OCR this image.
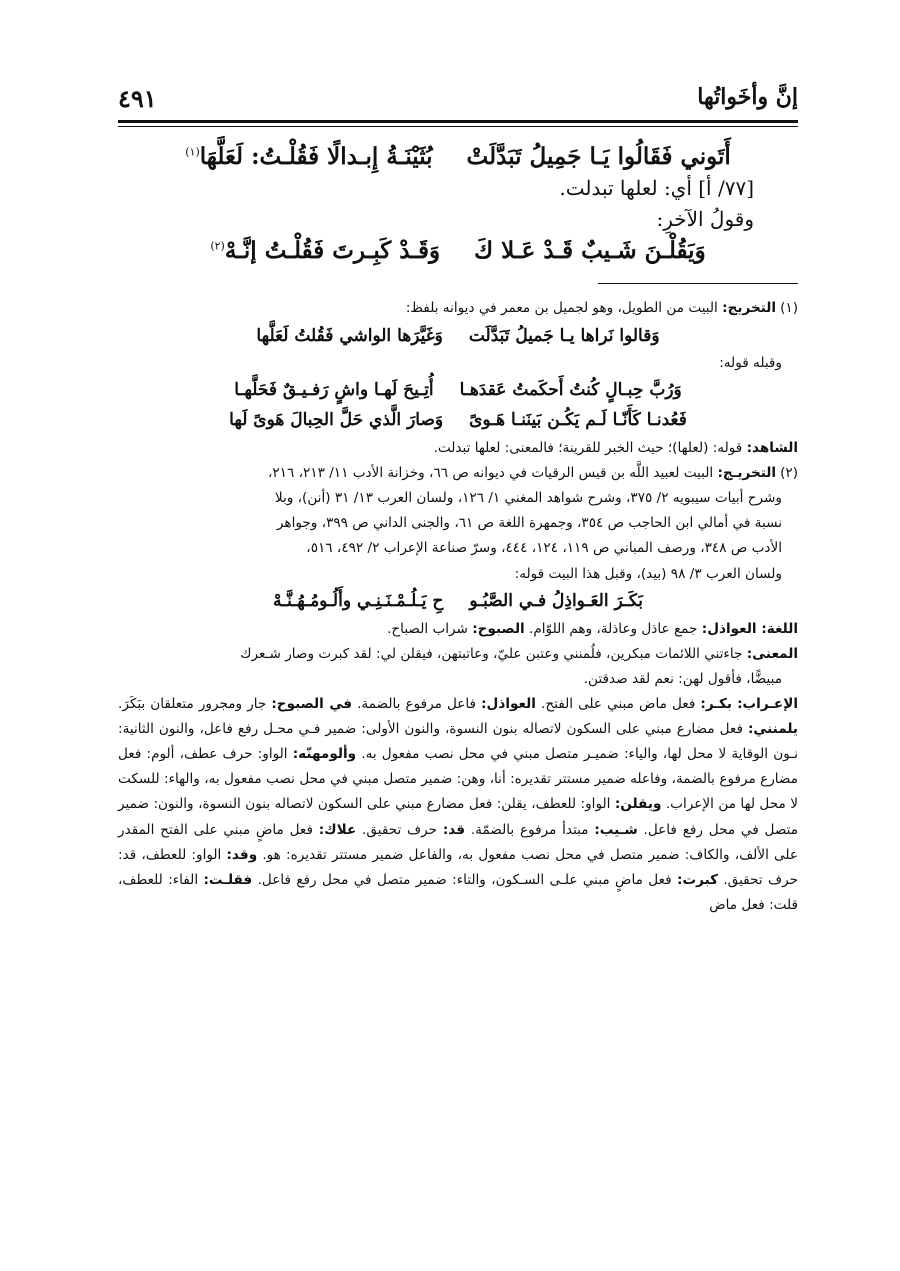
إنَّ وأخَواتُها
٤٩١
أَتَوني فَقَالُوا يَـا جَمِيلُ تَبَدَّلَتْ
بُثَيْنَـةُ إِبـدالًا فَقُلْـتُ: لَعَلَّهَا$^{(١)}$
[٧٧/ أ] أي: لعلها تبدلت.
وقولُ الآخرِ:
وَيَقُلْـنَ شَـيبٌ قَـدْ عَـلا كَ
وَقَـدْ كَبِـرتَ فَقُلْـتُ إنَّـهْ$^{(٢)}$

(١)التخريج: البيت من الطويل، وهو لجميل بن معمر في ديوانه بلفظ:

وَقالوا نَراها يـا جَميلُ تَبَدَّلَت
وَغَيَّرَها الواشي فَقُلتُ لَعَلَّها

وقبله قوله:

وَرُبَّ حِبـالٍ كُنتُ أَحكَمتُ عَقدَهـا
أُتِـيحَ لَهـا واشٍ رَفـيـقٌ فَحَلَّهـا
فَعُدنـا كَأَنّـا لَـم يَكُـن بَينَنـا هَـوىً
وَصارَ الَّذي حَلَّ الحِبالَ هَوىً لَها

الشاهد: قوله: (لعلها)؛ حيث الخبر للقرينة؛ فالمعنى: لعلها تبدلت.

(٢)التخريـج: البيت لعبيد اللَّه بن قيس الرقيات في ديوانه ص ٦٦، وخزانة الأدب ١١/ ٢١٣، ٢١٦،
وشرح أبيات سيبويه ٢/ ٣٧٥، وشرح شواهد المغني ١/ ١٢٦، ولسان العرب ١٣/ ٣١ (أنن)، وبلا
نسبة في أمالي ابن الحاجب ص ٣٥٤، وجمهرة اللغة ص ٦١، والجنى الداني ص ٣٩٩، وجواهر
الأدب ص ٣٤٨، ورصف المباني ص ١١٩، ١٢٤، ٤٤٤، وسرّ صناعة الإعراب ٢/ ٤٩٢، ٥١٦،
ولسان العرب ٣/ ٩٨ (بيد)، وقبل هذا البيت قوله:
بَكَـرَ العَـواذِلُ فـي الصَّبُـو
حِ يَـلُـمْـنَـنِـي وأَلُـومُـهُـنَّـهْ

اللغة: العواذل: جمع عاذل وعاذلة، وهم اللوّام. الصبوح: شراب الصباح.

المعنى: جاءتني اللائمات مبكرين، فلُمنني وعتبن عليّ، وعاتبتهن، فيقلن لي: لقد كبرت وصار شـعرك
مبيضًّا، فأقول لهن: نعم لقد صدقتن.

الإعـراب: بكـر: فعل ماض مبني على الفتح. العواذل: فاعل مرفوع بالضمة. في الصبوح: جار ومجرور متعلقان ببَكَرَ. يلمنني: فعل مضارع مبني على السكون لاتصاله بنون النسوة، والنون الأولى: ضمير فـي محـل رفع فاعل، والنون الثانية: نـون الوقاية لا محل لها، والياء: ضميـر متصل مبني في محل نصب مفعول به. وألومهنّه: الواو: حرف عطف، ألوم: فعل مضارع مرفوع بالضمة، وفاعله ضمير مستتر تقديره: أنا، وهن: ضمير متصل مبني في محل نصب مفعول به، والهاء: للسكت لا محل لها من الإعراب. ويقلن: الواو: للعطف، يقلن: فعل مضارع مبني على السكون لاتصاله بنون النسوة، والنون: ضمير متصل في محل رفع فاعل. شـيب: مبتدأ مرفوع بالضمّة. قد: حرف تحقيق. علاك: فعل ماضٍ مبني على الفتح المقدر على الألف، والكاف: ضمير متصل في محل نصب مفعول به، والفاعل ضمير مستتر تقديره: هو. وقد: الواو: للعطف، قد: حرف تحقيق. كبرت: فعل ماضٍ مبني علـى السـكون، والتاء: ضمير متصل في محل رفع فاعل. فقلـت: الفاء: للعطف، قلت: فعل ماض
